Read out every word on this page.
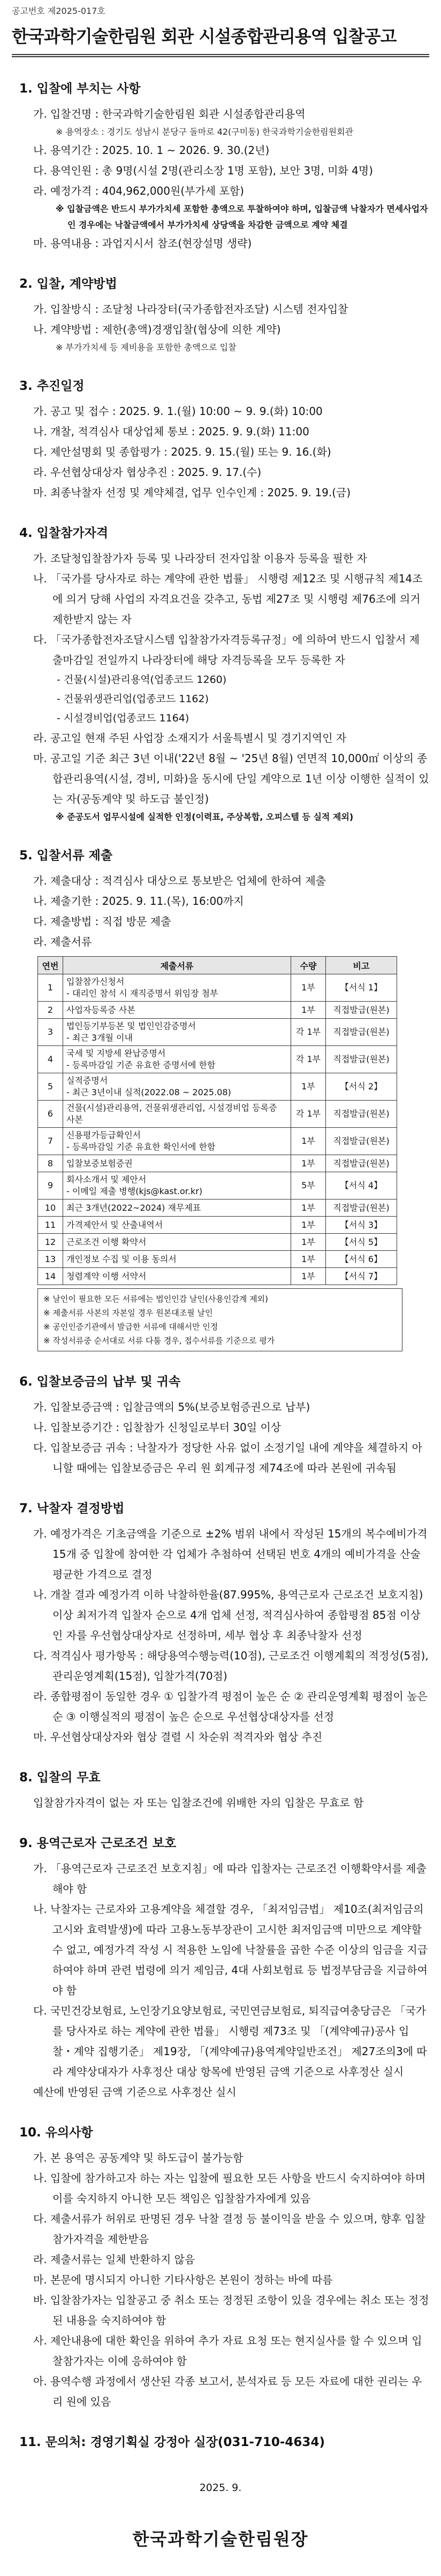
공고번호 제2025-017호
한국과학기술한림원 회관 시설종합관리용역 입찰공고
1. 입찰에 부치는 사항
가. 입찰건명 : 한국과학기술한림원 회관 시설종합관리용역
※ 용역장소 : 경기도 성남시 분당구 돌마로 42(구미동) 한국과학기술한림원회관
나. 용역기간 : 2025. 10. 1 ~ 2026. 9. 30.(2년)
다. 용역인원 : 총 9명(시설 2명(관리소장 1명 포함), 보안 3명, 미화 4명)
라. 예정가격 : 404,962,000원(부가세 포함)
※ 입찰금액은 반드시 부가가치세 포함한 총액으로 투찰하여야 하며, 입찰금액 낙찰자가 면세사업자인 경우에는 낙찰금액에서 부가가치세 상당액을 차감한 금액으로 계약 체결
마. 용역내용 : 과업지시서 참조(현장설명 생략)
2. 입찰, 계약방법
가. 입찰방식 : 조달청 나라장터(국가종합전자조달) 시스템 전자입찰
나. 계약방법 : 제한(총액)경쟁입찰(협상에 의한 계약)
※ 부가가치세 등 제비용을 포함한 총액으로 입찰
3. 추진일정
가. 공고 및 접수 : 2025. 9. 1.(월) 10:00 ~ 9. 9.(화) 10:00
나. 개찰, 적격심사 대상업체 통보 : 2025. 9. 9.(화) 11:00
다. 제안설명회 및 종합평가 : 2025. 9. 15.(월) 또는 9. 16.(화)
라. 우선협상대상자 협상추진 : 2025. 9. 17.(수)
마. 최종낙찰자 선정 및 계약체결, 업무 인수인계 : 2025. 9. 19.(금)
4. 입찰참가자격
가. 조달청입찰참가자 등록 및 나라장터 전자입찰 이용자 등록을 필한 자
나. 「국가를 당사자로 하는 계약에 관한 법률」 시행령 제12조 및 시행규칙 제14조에 의거 당해 사업의 자격요건을 갖추고, 동법 제27조 및 시행령 제76조에 의거 제한받지 않는 자
다. 「국가종합전자조달시스템 입찰참가자격등록규정」에 의하여 반드시 입찰서 제출마감일 전일까지 나라장터에 해당 자격등록을 모두 등록한 자
- 건물(시설)관리용역(업종코드 1260)
- 건물위생관리업(업종코드 1162)
- 시설경비업(업종코드 1164)
라. 공고일 현재 주된 사업장 소재지가 서울특별시 및 경기지역인 자
마. 공고일 기준 최근 3년 이내('22년 8월 ~ '25년 8월) 연면적 10,000㎡ 이상의 종합관리용역(시설, 경비, 미화)을 동시에 단일 계약으로 1년 이상 이행한 실적이 있는 자(공동계약 및 하도급 불인정)
※ 준공도서 업무시설에 실적한 인정(이력표, 주상복합, 오피스텔 등 실적 제외)
5. 입찰서류 제출
가. 제출대상 : 적격심사 대상으로 통보받은 업체에 한하여 제출
나. 제출기한 : 2025. 9. 11.(목), 16:00까지
다. 제출방법 : 직접 방문 제출
라. 제출서류
연번	제출서류	수량	비고
1	입찰참가신청서
- 대리인 참석 시 재직증명서 위임장 첨부	1부	【서식 1】
2	사업자등록증 사본	1부	직접발급(원본)
3	법인등기부등본 및 법인인감증명서
- 최근 3개월 이내	각 1부	직접발급(원본)
4	국세 및 지방세 완납증명서
- 등록마감일 기준 유효한 증명서에 한함	각 1부	직접발급(원본)
5	실적증명서
- 최근 3년이내 실적(2022.08 ~ 2025.08)	1부	【서식 2】
6	건물(시설)관리용역, 건물위생관리업, 시설경비업 등록증 사본	각 1부	직접발급(원본)
7	신용평가등급확인서
- 등록마감일 기준 유효한 확인서에 한함	1부	직접발급(원본)
8	입찰보증보험증권	1부	직접발급(원본)
9	회사소개서 및 제안서
- 이메일 제출 병행(kjs@kast.or.kr)	5부	【서식 4】
10	최근 3개년(2022~2024) 재무제표	1부	직접발급(원본)
11	가격제안서 및 산출내역서	1부	【서식 3】
12	근로조건 이행 확약서	1부	【서식 5】
13	개인정보 수집 및 이용 동의서	1부	【서식 6】
14	청렴계약 이행 서약서	1부	【서식 7】
※ 날인이 필요한 모든 서류에는 법인인감 날인(사용인감계 제외)
※ 제출서류 사본의 자본일 경우 원본대조필 날인
※ 공인인증기관에서 발급한 서류에 대해서만 인정
※ 작성서류중 순서대로 서류 다툼 경우, 접수서류를 기준으로 평가
6. 입찰보증금의 납부 및 귀속
가. 입찰보증금액 : 입찰금액의 5%(보증보험증권으로 납부)
나. 입찰보증기간 : 입찰참가 신청일로부터 30일 이상
다. 입찰보증금 귀속 : 낙찰자가 정당한 사유 없이 소정기일 내에 계약을 체결하지 아니할 때에는 입찰보증금은 우리 원 회계규정 제74조에 따라 본원에 귀속됨
7. 낙찰자 결정방법
가. 예정가격은 기초금액을 기준으로 ±2% 범위 내에서 작성된 15개의 복수예비가격 15개 중 입찰에 참여한 각 업체가 추첨하여 선택된 번호 4개의 예비가격을 산술평균한 가격으로 결정
나. 개찰 결과 예정가격 이하 낙찰하한율(87.995%, 용역근로자 근로조건 보호지침) 이상 최저가격 입찰자 순으로 4개 업체 선정, 적격심사하여 종합평점 85점 이상인 자를 우선협상대상자로 선정하며, 세부 협상 후 최종낙찰자 선정
다. 적격심사 평가항목 : 해당용역수행능력(10점), 근로조건 이행계획의 적정성(5점), 관리운영계획(15점), 입찰가격(70점)
라. 종합평점이 동일한 경우 ① 입찰가격 평점이 높은 순 ② 관리운영계획 평점이 높은 순 ③ 이행실적의 평점이 높은 순으로 우선협상대상자를 선정
마. 우선협상대상자와 협상 결렬 시 차순위 적격자와 협상 추진
8. 입찰의 무효
입찰참가자격이 없는 자 또는 입찰조건에 위배한 자의 입찰은 무효로 함
9. 용역근로자 근로조건 보호
가. 「용역근로자 근로조건 보호지침」에 따라 입찰자는 근로조건 이행확약서를 제출해야 함
나. 낙찰자는 근로자와 고용계약을 체결할 경우, 「최저임금법」 제10조(최저임금의 고시와 효력발생)에 따라 고용노동부장관이 고시한 최저임금액 미만으로 계약할 수 없고, 예정가격 작성 시 적용한 노임에 낙찰률을 곱한 수준 이상의 임금을 지급하여야 하며 관련 법령에 의거 제임금, 4대 사회보험료 등 법정부담금을 지급하여야 함
다. 국민건강보험료, 노인장기요양보험료, 국민연금보험료, 퇴직급여충당금은 「국가를 당사자로 하는 계약에 관한 법률」 시행령 제73조 및 「(계약예규)공사 입찰・계약 집행기준」 제19장, 「(계약예규)용역계약일반조건」 제27조의3에 따라 계약상대자가 사후정산 대상 항목에 반영된 금액 기준으로 사후정산 실시
예산에 반영된 금액 기준으로 사후정산 실시
10. 유의사항
가. 본 용역은 공동계약 및 하도급이 불가능함
나. 입찰에 참가하고자 하는 자는 입찰에 필요한 모든 사항을 반드시 숙지하여야 하며 이를 숙지하지 아니한 모든 책임은 입찰참가자에게 있음
다. 제출서류가 허위로 판명된 경우 낙찰 결정 등 불이익을 받을 수 있으며, 향후 입찰참가자격을 제한받음
라. 제출서류는 일체 반환하지 않음
마. 본문에 명시되지 아니한 기타사항은 본원이 정하는 바에 따름
바. 입찰참가자는 입찰공고 중 취소 또는 정정된 조항이 있을 경우에는 취소 또는 정정된 내용을 숙지하여야 함
사. 제안내용에 대한 확인을 위하여 추가 자료 요청 또는 현지실사를 할 수 있으며 입찰참가자는 이에 응하여야 함
아. 용역수행 과정에서 생산된 각종 보고서, 분석자료 등 모든 자료에 대한 권리는 우리 원에 있음
11. 문의처: 경영기획실 강정아 실장(031-710-4634)
2025. 9.
한국과학기술한림원장
